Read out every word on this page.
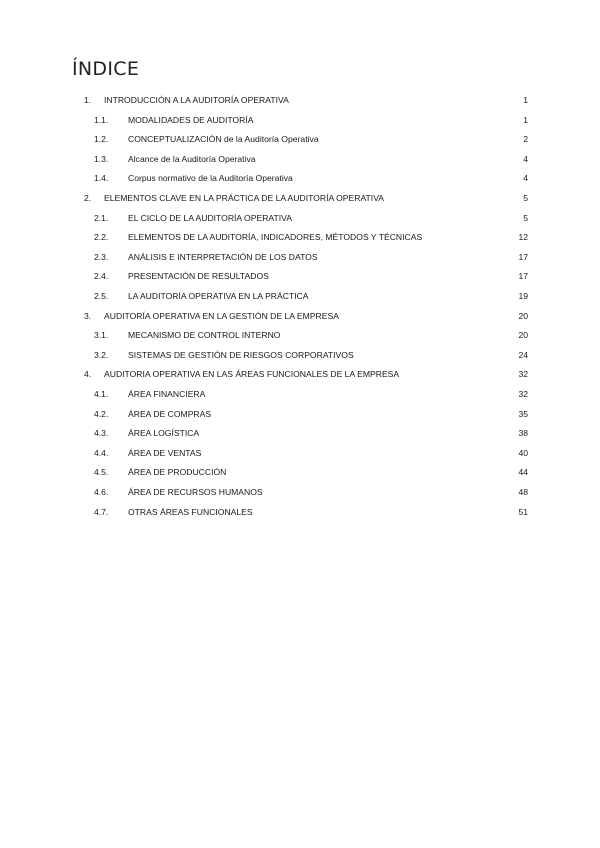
ÍNDICE
1. INTRODUCCIÓN A LA AUDITORÍA OPERATIVA	1
1.1. MODALIDADES DE AUDITORÍA	1
1.2. CONCEPTUALIZACIÓN de la Auditoría Operativa	2
1.3. Alcance de la Auditoría Operativa	4
1.4. Corpus normativo de la Auditoría Operativa	4
2. ELEMENTOS CLAVE EN LA PRÁCTICA DE LA AUDITORÍA OPERATIVA	5
2.1. EL CICLO DE LA AUDITORÍA OPERATIVA	5
2.2. ELEMENTOS DE LA AUDITORÍA, INDICADORES, MÉTODOS Y TÉCNICAS	12
2.3. ANÁLISIS E INTERPRETACIÓN DE LOS DATOS	17
2.4. PRESENTACIÓN DE RESULTADOS	17
2.5. LA AUDITORÍA OPERATIVA EN LA PRÁCTICA	19
3. AUDITORÍA OPERATIVA EN LA GESTIÓN DE LA EMPRESA	20
3.1. MECANISMO DE CONTROL INTERNO	20
3.2. SISTEMAS DE GESTIÓN DE RIESGOS CORPORATIVOS	24
4. AUDITORIA OPERATIVA EN LAS ÁREAS FUNCIONALES DE LA EMPRESA	32
4.1. ÁREA FINANCIERA	32
4.2. ÁREA DE COMPRAS	35
4.3. ÁREA LOGÍSTICA	38
4.4. ÁREA DE VENTAS	40
4.5. ÁREA DE PRODUCCIÓN	44
4.6. ÁREA DE RECURSOS HUMANOS	48
4.7. OTRAS ÁREAS FUNCIONALES	51
